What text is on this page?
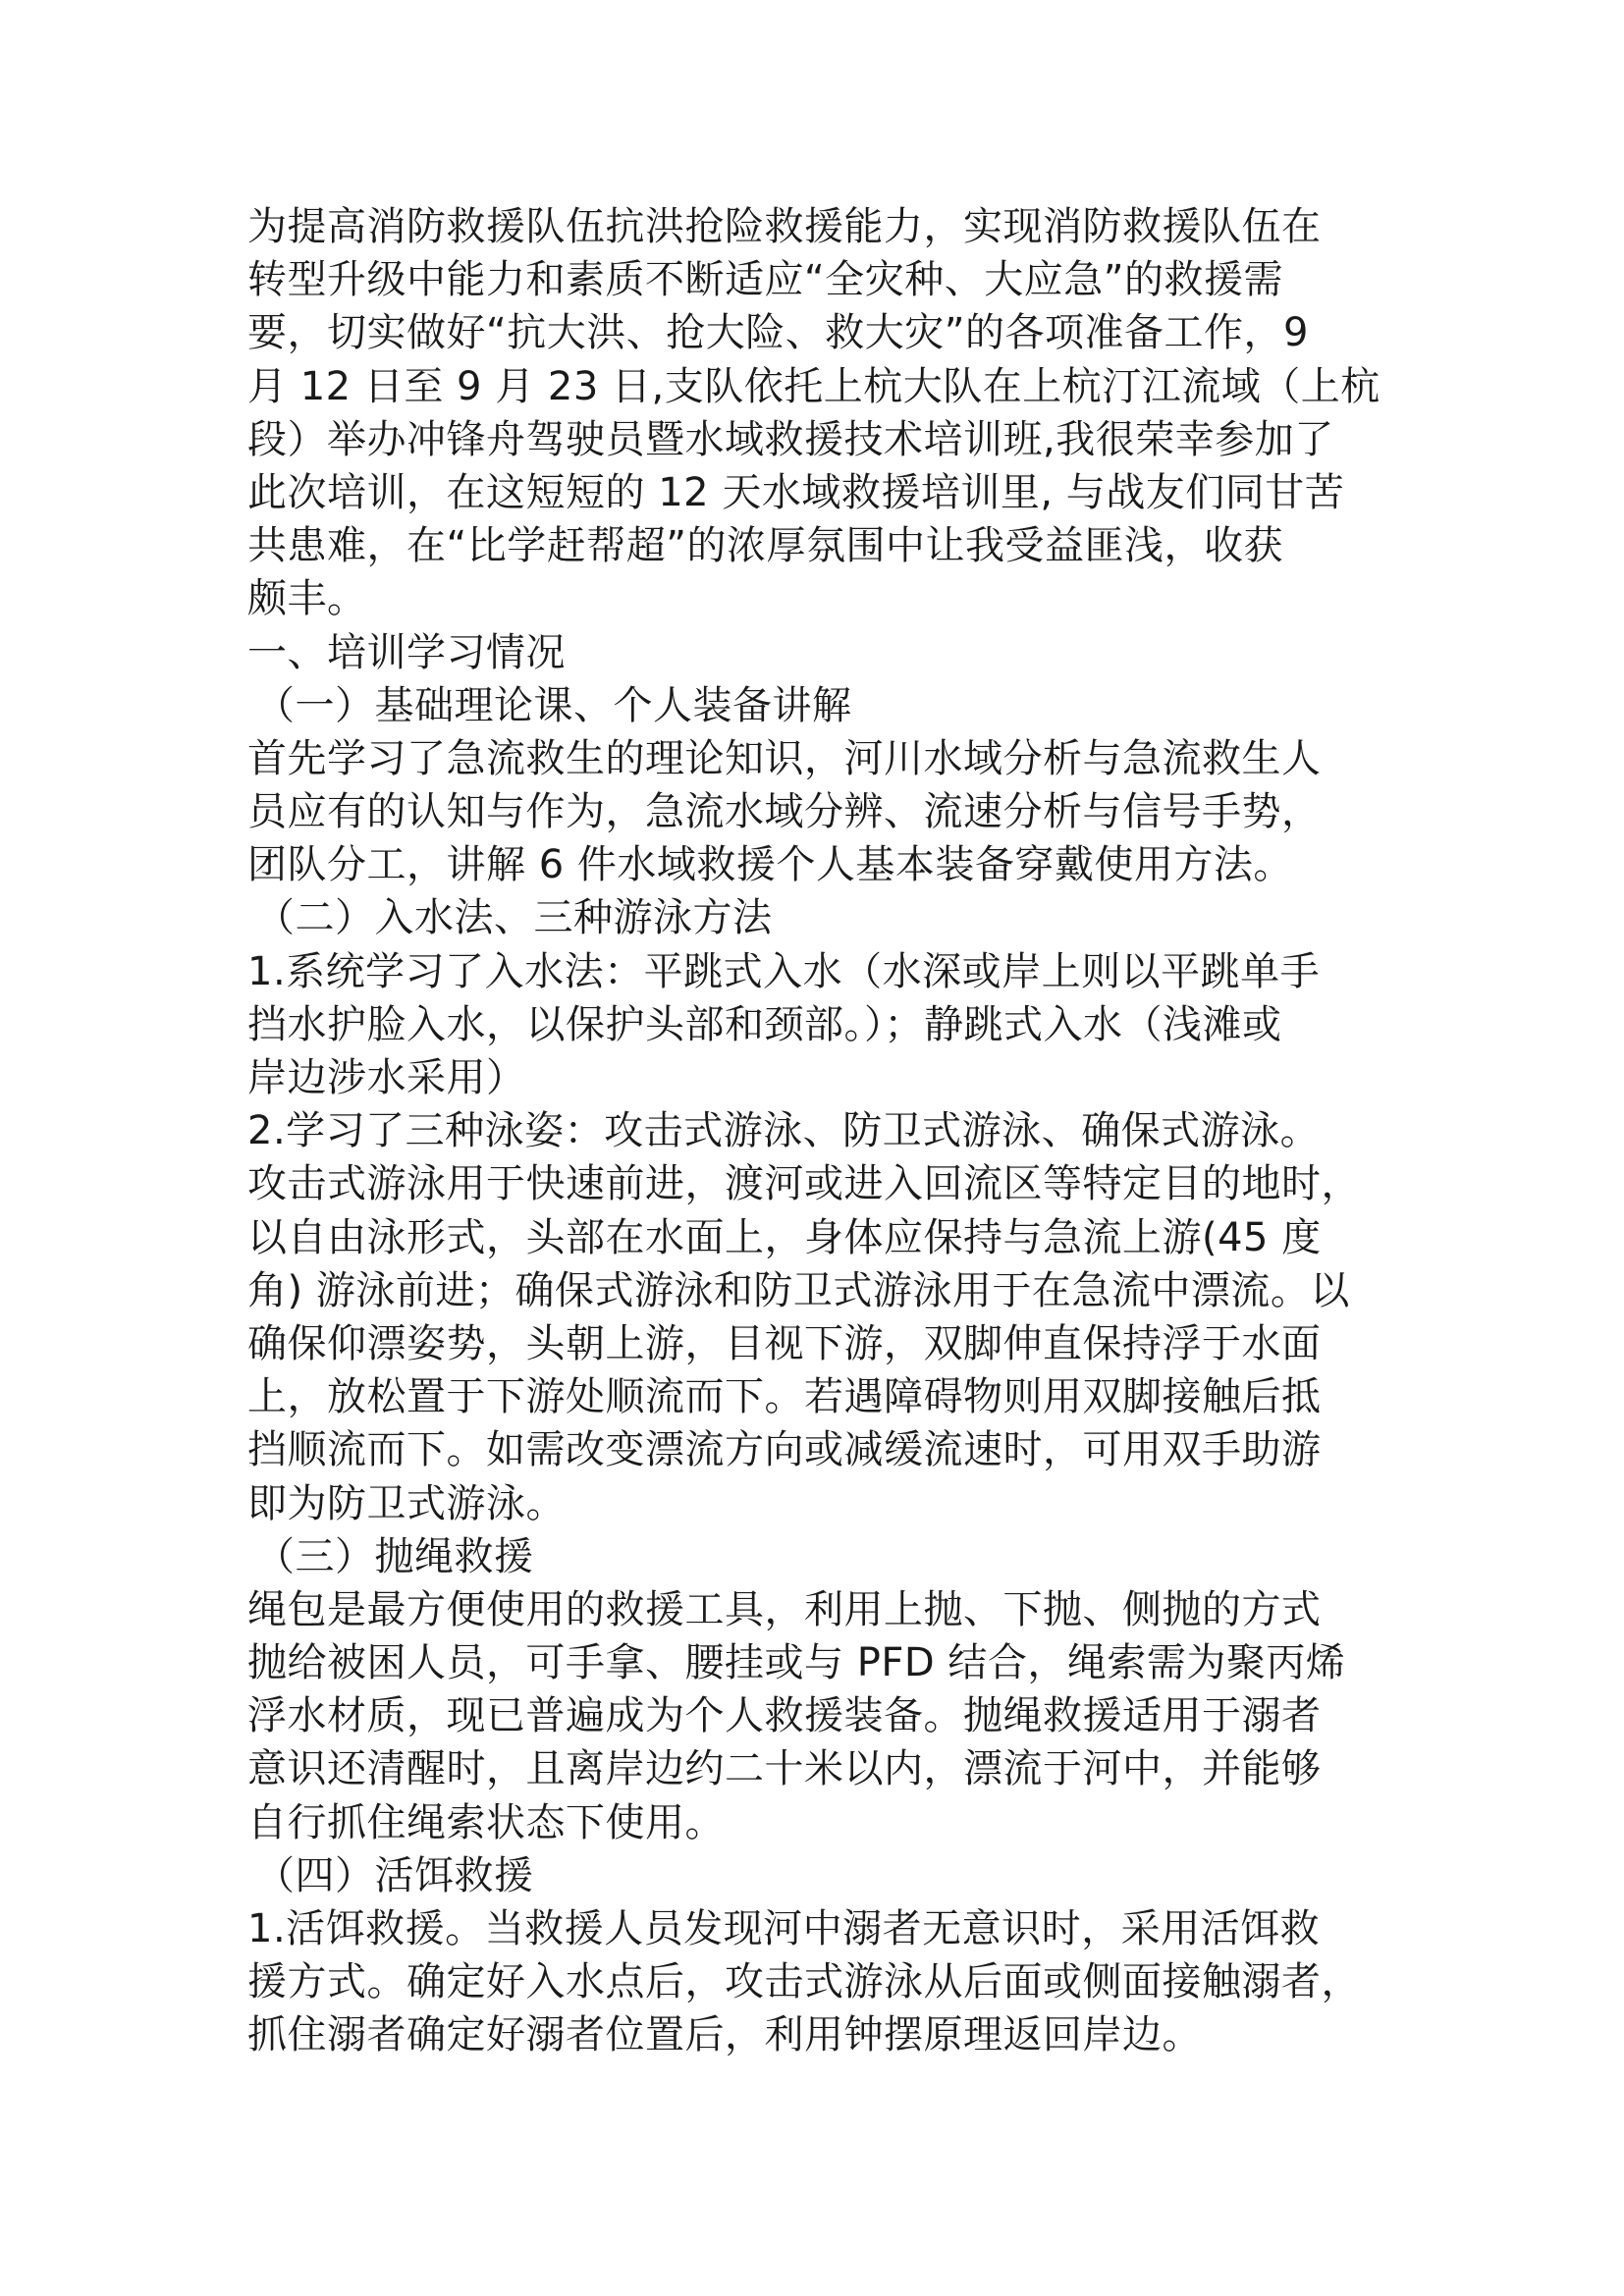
为提高消防救援队伍抗洪抢险救援能力，实现消防救援队伍在
转型升级中能力和素质不断适应“全灾种、大应急”的救援需
要，切实做好“抗大洪、抢大险、救大灾”的各项准备工作，9
月 12 日至 9 月 23 日,支队依托上杭大队在上杭汀江流域（上杭
段）举办冲锋舟驾驶员暨水域救援技术培训班,我很荣幸参加了
此次培训，在这短短的 12 天水域救援培训里, 与战友们同甘苦
共患难，在“比学赶帮超”的浓厚氛围中让我受益匪浅，收获
颇丰。
一、培训学习情况
（一）基础理论课、个人装备讲解
首先学习了急流救生的理论知识，河川水域分析与急流救生人
员应有的认知与作为，急流水域分辨、流速分析与信号手势，
团队分工，讲解 6 件水域救援个人基本装备穿戴使用方法。
（二）入水法、三种游泳方法
1.系统学习了入水法：平跳式入水（水深或岸上则以平跳单手
挡水护脸入水，以保护头部和颈部。）；静跳式入水（浅滩或
岸边涉水采用）
2.学习了三种泳姿：攻击式游泳、防卫式游泳、确保式游泳。
攻击式游泳用于快速前进，渡河或进入回流区等特定目的地时，
以自由泳形式，头部在水面上，身体应保持与急流上游(45 度
角) 游泳前进；确保式游泳和防卫式游泳用于在急流中漂流。以
确保仰漂姿势，头朝上游，目视下游，双脚伸直保持浮于水面
上，放松置于下游处顺流而下。若遇障碍物则用双脚接触后抵
挡顺流而下。如需改变漂流方向或减缓流速时，可用双手助游
即为防卫式游泳。
（三）抛绳救援
绳包是最方便使用的救援工具，利用上抛、下抛、侧抛的方式
抛给被困人员，可手拿、腰挂或与 PFD 结合，绳索需为聚丙烯
浮水材质，现已普遍成为个人救援装备。抛绳救援适用于溺者
意识还清醒时，且离岸边约二十米以内，漂流于河中，并能够
自行抓住绳索状态下使用。
（四）活饵救援
1.活饵救援。当救援人员发现河中溺者无意识时，采用活饵救
援方式。确定好入水点后，攻击式游泳从后面或侧面接触溺者，
抓住溺者确定好溺者位置后，利用钟摆原理返回岸边。
